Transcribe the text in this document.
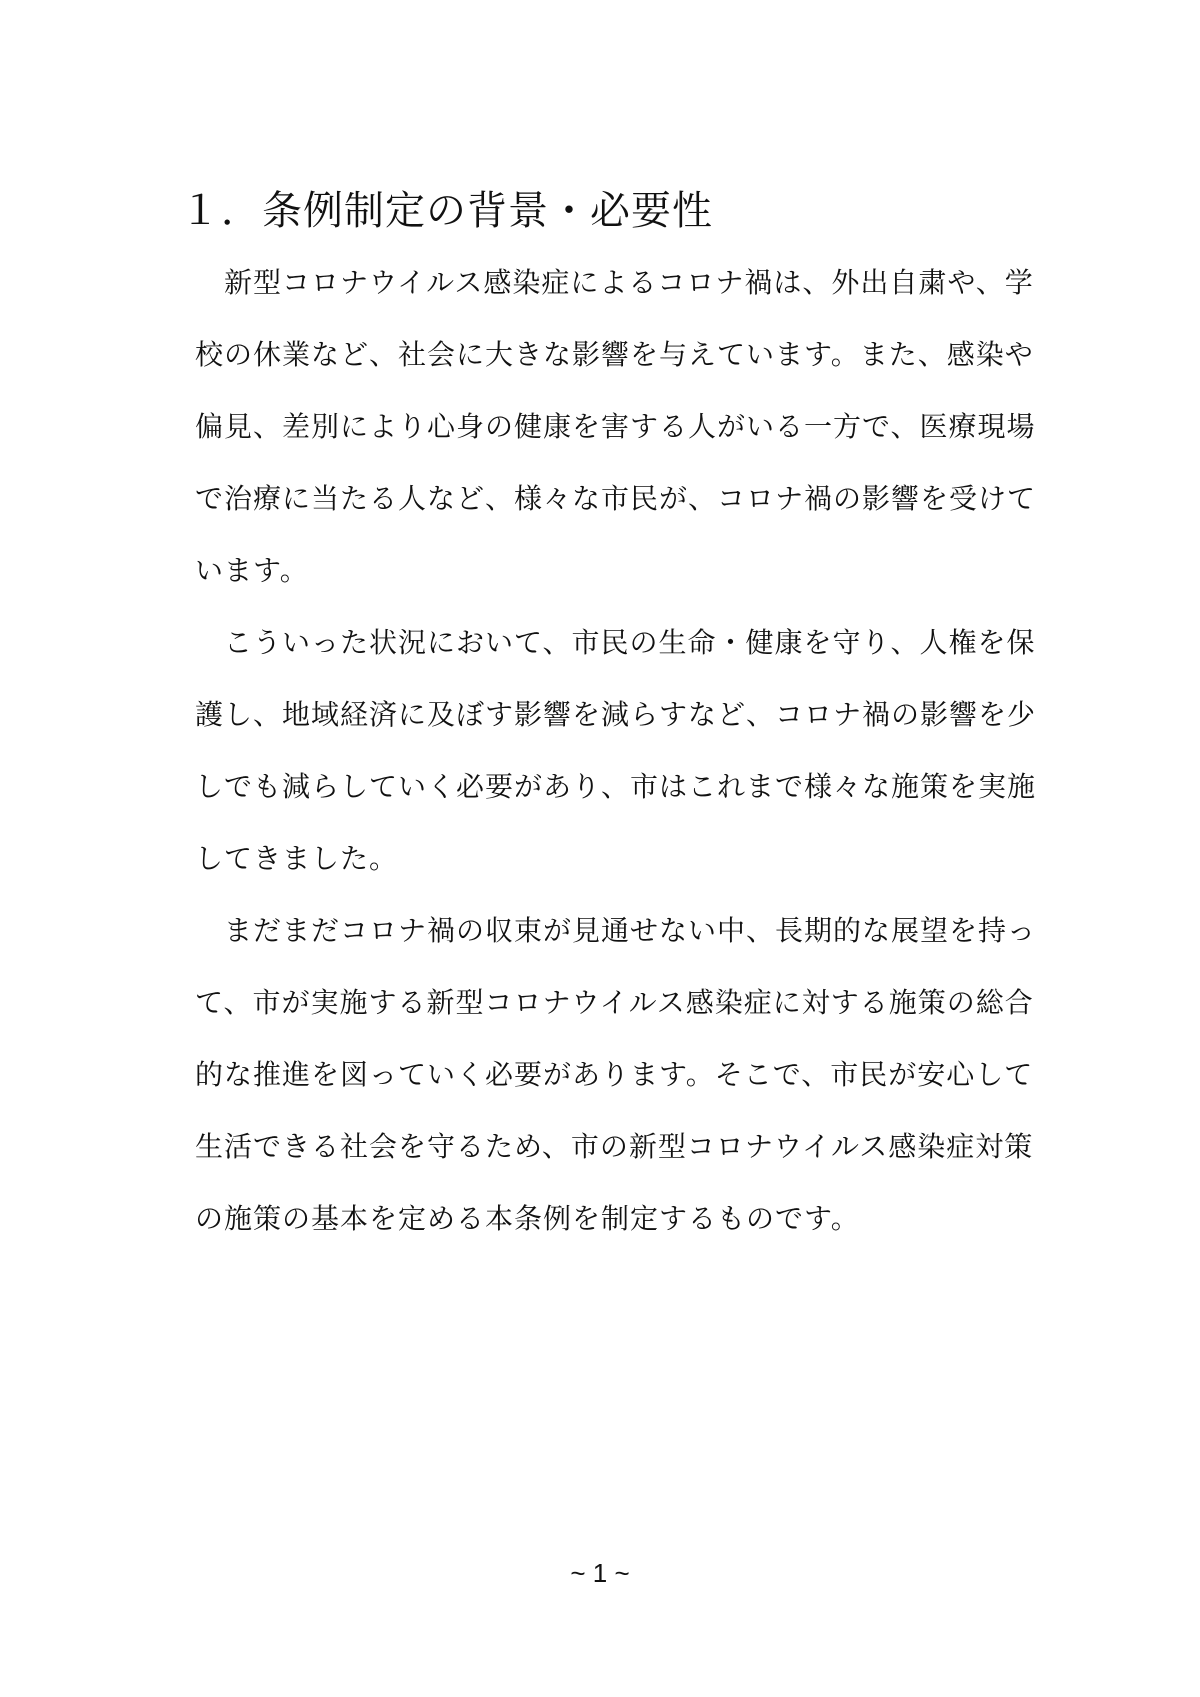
１．条例制定の背景・必要性
　新型コロナウイルス感染症によるコロナ禍は、外出自粛や、学
校の休業など、社会に大きな影響を与えています。また、感染や
偏見、差別により心身の健康を害する人がいる一方で、医療現場
で治療に当たる人など、様々な市民が、コロナ禍の影響を受けて
います。
　こういった状況において、市民の生命・健康を守り、人権を保
護し、地域経済に及ぼす影響を減らすなど、コロナ禍の影響を少
しでも減らしていく必要があり、市はこれまで様々な施策を実施
してきました。
　まだまだコロナ禍の収束が見通せない中、長期的な展望を持っ
て、市が実施する新型コロナウイルス感染症に対する施策の総合
的な推進を図っていく必要があります。そこで、市民が安心して
生活できる社会を守るため、市の新型コロナウイルス感染症対策
の施策の基本を定める本条例を制定するものです。
~ 1 ~
